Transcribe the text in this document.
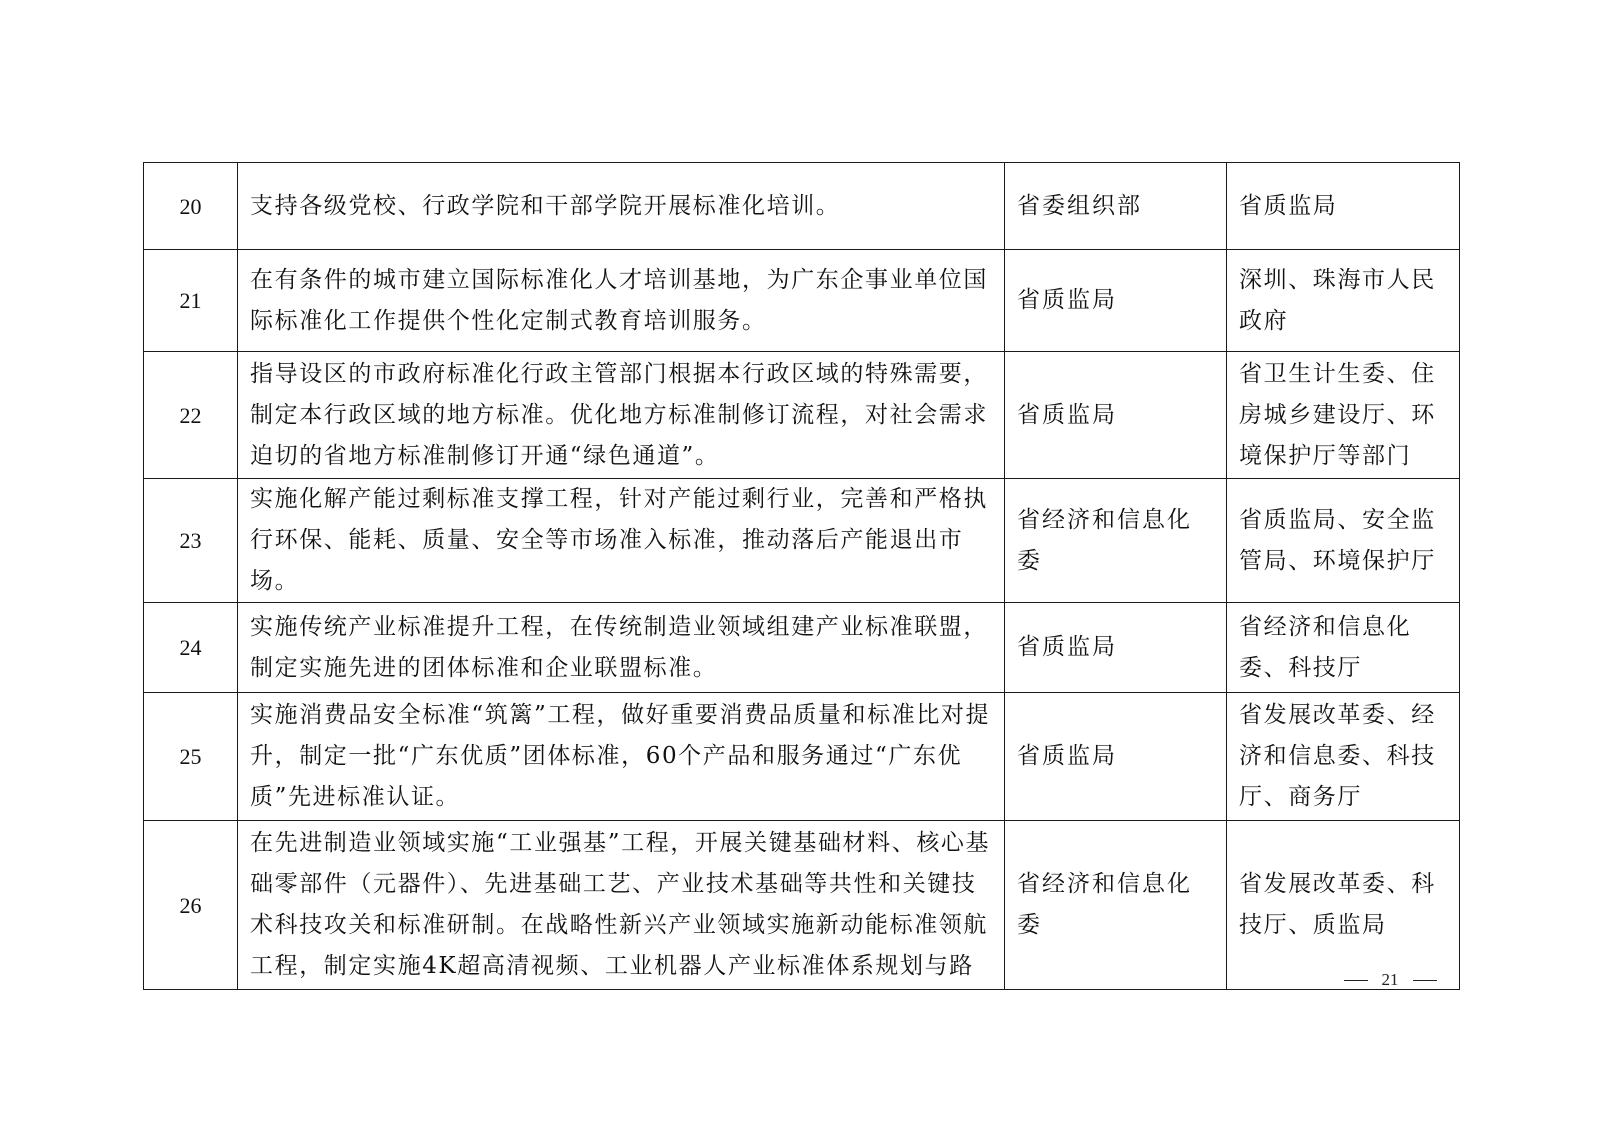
20	支持各级党校、行政学院和干部学院开展标准化培训。	省委组织部	省质监局
21	在有条件的城市建立国际标准化人才培训基地，为广东企事业单位国际标准化工作提供个性化定制式教育培训服务。	省质监局	深圳、珠海市人民政府
22	指导设区的市政府标准化行政主管部门根据本行政区域的特殊需要，制定本行政区域的地方标准。优化地方标准制修订流程，对社会需求迫切的省地方标准制修订开通“绿色通道”。	省质监局	省卫生计生委、住房城乡建设厅、环境保护厅等部门
23	实施化解产能过剩标准支撑工程，针对产能过剩行业，完善和严格执行环保、能耗、质量、安全等市场准入标准，推动落后产能退出市场。	省经济和信息化委	省质监局、安全监管局、环境保护厅
24	实施传统产业标准提升工程，在传统制造业领域组建产业标准联盟，制定实施先进的团体标准和企业联盟标准。	省质监局	省经济和信息化委、科技厅
25	实施消费品安全标准“筑篱”工程，做好重要消费品质量和标准比对提升，制定一批“广东优质”团体标准，60个产品和服务通过“广东优质”先进标准认证。	省质监局	省发展改革委、经济和信息委、科技厅、商务厅
26	在先进制造业领域实施“工业强基”工程，开展关键基础材料、核心基础零部件（元器件）、先进基础工艺、产业技术基础等共性和关键技术科技攻关和标准研制。在战略性新兴产业领域实施新动能标准领航工程，制定实施4K超高清视频、工业机器人产业标准体系规划与路	省经济和信息化委	省发展改革委、科技厅、质监局
21
